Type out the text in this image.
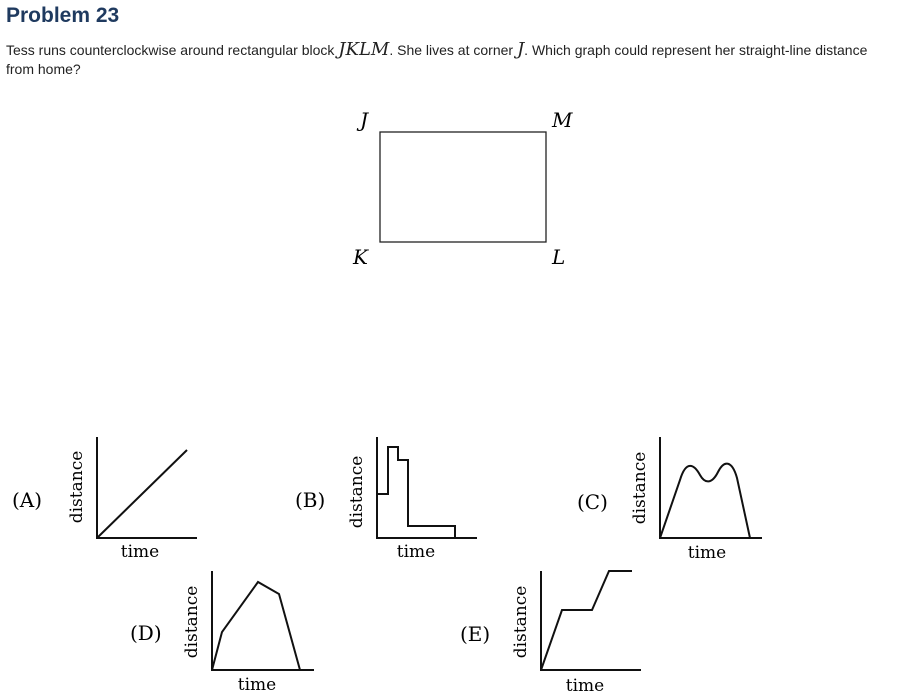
Problem 23

Tess runs counterclockwise around rectangular block JKLM. She lives at corner J. Which graph could represent her straight-line distance from home?

J	M
K	L
(A) distance
time
(B) distance
time
(C) distance
time
(D) distance
time
(E) distance
time
